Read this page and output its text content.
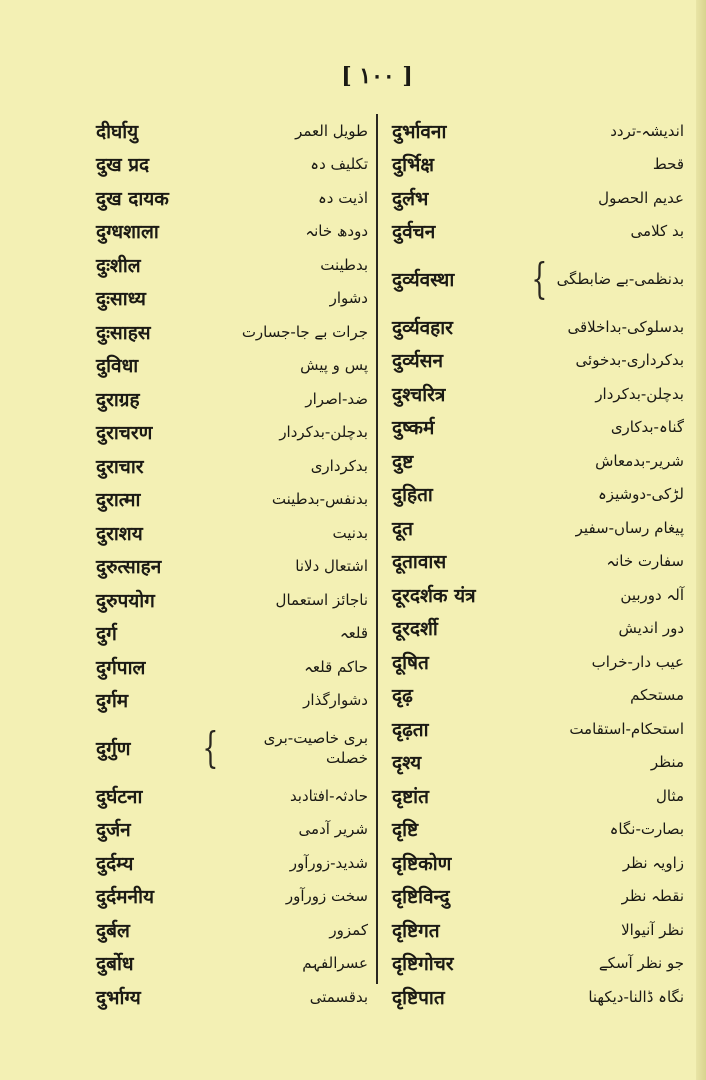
[ ١٠٠ ]
दीर्घायु	طویل العمر
दुख प्रद	تکلیف دہ
दुख दायक	اذیت دہ
दुग्धशाला	دودھ خانہ
दुःशील	بدطینت
दुःसाध्य	دشوار
दुःसाहस	جرات بے جا-جسارت
दुविधा	پس و پیش
दुराग्रह	ضد-اصرار
दुराचरण	بدچلن-بدکردار
दुराचार	بدکرداری
दुरात्मा	بدنفس-بدطینت
दुराशय	بدنیت
दुरुत्साहन	اشتعال دلانا
दुरुपयोग	ناجائز استعمال
दुर्ग	قلعہ
दुर्गपाल	حاکم قلعہ
दुर्गम	دشوارگذار
दुर्गुण {	بری خاصیت-بری خصلت
दुर्घटना	حادثہ-افتادبد
दुर्जन	شریر آدمی
दुर्दम्य	شدید-زورآور
दुर्दमनीय	سخت زورآور
दुर्बल	کمزور
दुर्बोध	عسرالفہم
दुर्भाग्य	بدقسمتی
दुर्भावना	اندیشہ-تردد
दुर्भिक्ष	قحط
दुर्लभ	عدیم الحصول
दुर्वचन	بد کلامی
दुर्व्यवस्था { بدنظمی-بے ضابطگی
दुर्व्यवहार	بدسلوکی-بداخلاقی
दुर्व्यसन	بدکرداری-بدخوئی
दुश्चरित्र	بدچلن-بدکردار
दुष्कर्म	گناہ-بدکاری
दुष्ट	شریر-بدمعاش
दुहिता	لڑکی-دوشیزہ
दूत	پیغام رساں-سفیر
दूतावास	سفارت خانہ
दूरदर्शक यंत्र	آلہ دوربین
दूरदर्शी	دور اندیش
दूषित	عیب دار-خراب
दृढ़	مستحکم
दृढ़ता	استحکام-استقامت
दृश्य	منظر
दृष्टांत	مثال
दृष्टि	بصارت-نگاہ
दृष्टिकोण	زاویہ نظر
दृष्टिविन्दु	نقطہ نظر
दृष्टिगत	نظر آنیوالا
दृष्टिगोचर	جو نظر آسکے
दृष्टिपात	نگاہ ڈالنا-دیکھنا
